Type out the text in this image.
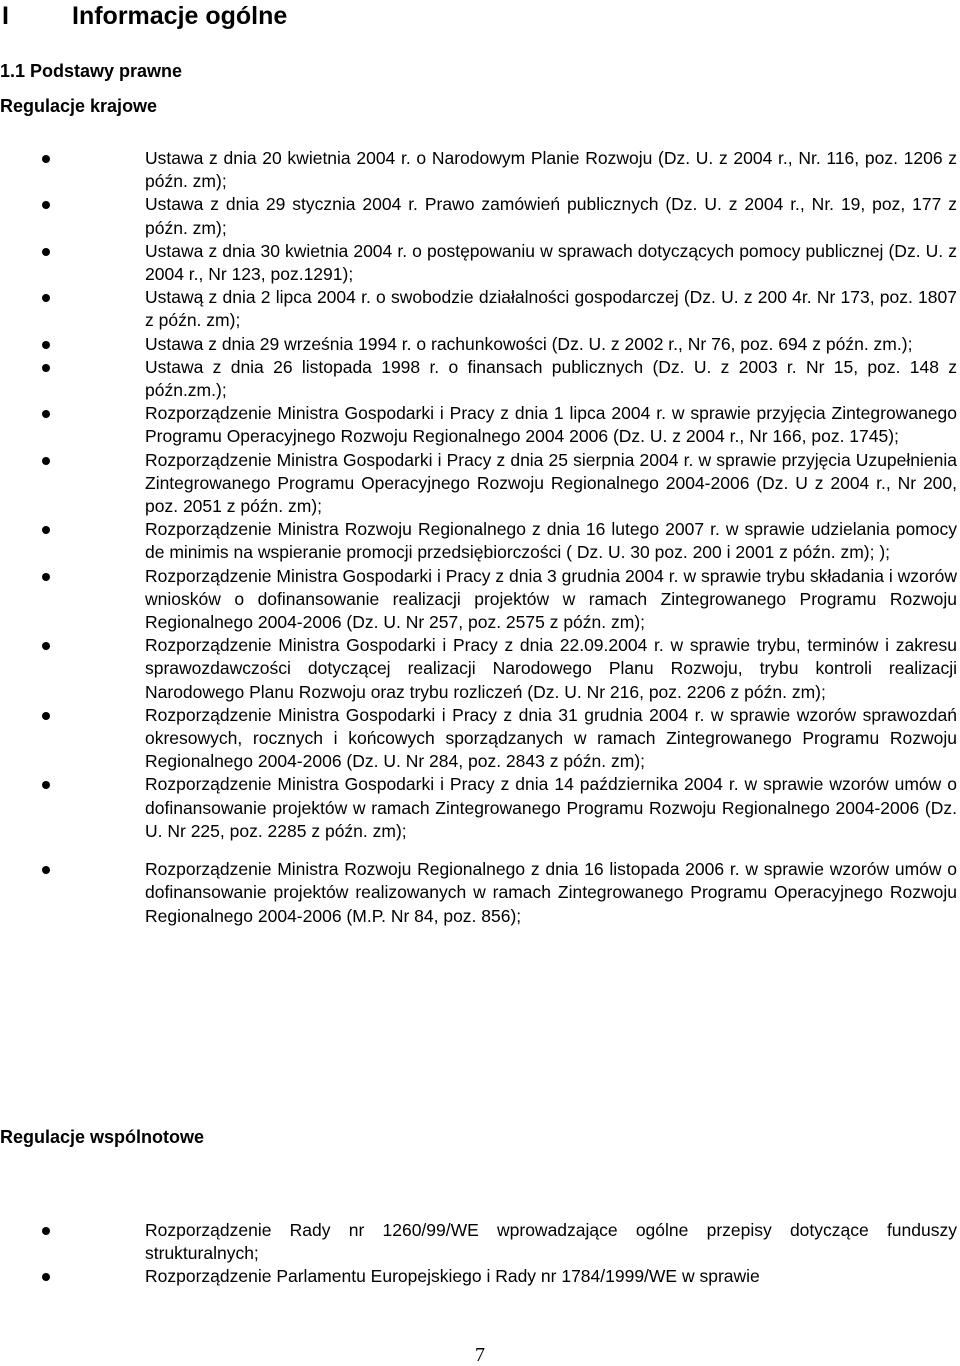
I	Informacje ogólne
1.1 Podstawy prawne
Regulacje krajowe

Ustawa z dnia 20 kwietnia 2004 r. o Narodowym Planie Rozwoju (Dz. U. z 2004 r., Nr. 116, poz. 1206 z późn. zm);

Ustawa z dnia 29 stycznia 2004 r. Prawo zamówień publicznych (Dz. U. z 2004 r., Nr. 19, poz, 177 z późn. zm);

Ustawa z dnia 30 kwietnia 2004 r. o postępowaniu w sprawach dotyczących pomocy publicznej (Dz. U. z 2004 r., Nr 123, poz.1291);

Ustawą z dnia 2 lipca 2004 r. o swobodzie działalności gospodarczej (Dz. U. z 200 4r. Nr 173, poz. 1807 z późn. zm);

Ustawa z dnia 29 września 1994 r. o rachunkowości (Dz. U. z 2002 r., Nr 76, poz. 694 z późn. zm.);

Ustawa z dnia 26 listopada 1998 r. o finansach publicznych (Dz. U. z 2003 r. Nr 15, poz. 148 z późn.zm.);

Rozporządzenie Ministra Gospodarki i Pracy z dnia 1 lipca 2004 r. w sprawie przyjęcia Zintegrowanego Programu Operacyjnego Rozwoju Regionalnego 2004 2006 (Dz. U. z 2004 r., Nr 166, poz. 1745);

Rozporządzenie Ministra Gospodarki i Pracy z dnia 25 sierpnia 2004 r. w sprawie przyjęcia Uzupełnienia Zintegrowanego Programu Operacyjnego Rozwoju Regionalnego 2004-2006 (Dz. U z 2004 r., Nr 200, poz. 2051 z późn. zm);

Rozporządzenie Ministra Rozwoju Regionalnego z dnia 16 lutego 2007 r. w sprawie udzielania pomocy de minimis na wspieranie promocji przedsiębiorczości ( Dz. U. 30 poz. 200 i 2001 z późn. zm); );

Rozporządzenie Ministra Gospodarki i Pracy z dnia 3 grudnia 2004 r. w sprawie trybu składania i wzorów wniosków o dofinansowanie realizacji projektów w ramach Zintegrowanego Programu Rozwoju Regionalnego 2004-2006 (Dz. U. Nr 257, poz. 2575 z późn. zm);

Rozporządzenie Ministra Gospodarki i Pracy z dnia 22.09.2004 r. w sprawie trybu, terminów i zakresu sprawozdawczości dotyczącej realizacji Narodowego Planu Rozwoju, trybu kontroli realizacji Narodowego Planu Rozwoju oraz trybu rozliczeń (Dz. U. Nr 216, poz. 2206 z późn. zm);

Rozporządzenie Ministra Gospodarki i Pracy z dnia 31 grudnia 2004 r. w sprawie wzorów sprawozdań okresowych, rocznych i końcowych sporządzanych w ramach Zintegrowanego Programu Rozwoju Regionalnego 2004-2006 (Dz. U. Nr 284, poz. 2843 z późn. zm);

Rozporządzenie Ministra Gospodarki i Pracy z dnia 14 października 2004 r. w sprawie wzorów umów o dofinansowanie projektów w ramach Zintegrowanego Programu Rozwoju Regionalnego 2004-2006 (Dz. U. Nr 225, poz. 2285 z późn. zm);

Rozporządzenie Ministra Rozwoju Regionalnego z dnia 16 listopada 2006 r. w sprawie wzorów umów o dofinansowanie projektów realizowanych w ramach Zintegrowanego Programu Operacyjnego Rozwoju Regionalnego 2004-2006 (M.P. Nr 84, poz. 856);

Regulacje wspólnotowe

Rozporządzenie Rady nr 1260/99/WE wprowadzające ogólne przepisy dotyczące funduszy strukturalnych;

Rozporządzenie Parlamentu Europejskiego i Rady nr 1784/1999/WE w sprawie

7
